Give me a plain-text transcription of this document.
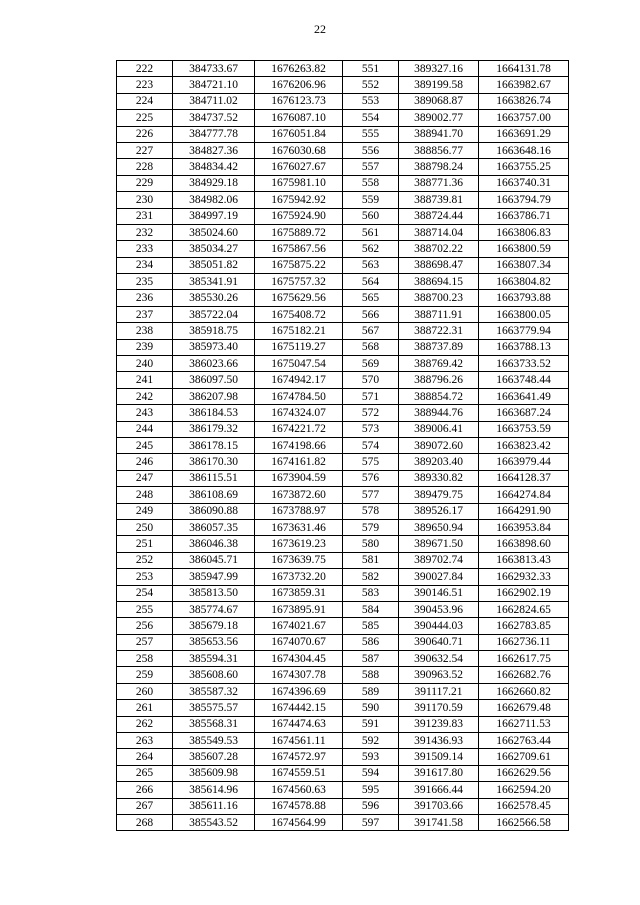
22
222	384733.67	1676263.82	551	389327.16	1664131.78
223	384721.10	1676206.96	552	389199.58	1663982.67
224	384711.02	1676123.73	553	389068.87	1663826.74
225	384737.52	1676087.10	554	389002.77	1663757.00
226	384777.78	1676051.84	555	388941.70	1663691.29
227	384827.36	1676030.68	556	388856.77	1663648.16
228	384834.42	1676027.67	557	388798.24	1663755.25
229	384929.18	1675981.10	558	388771.36	1663740.31
230	384982.06	1675942.92	559	388739.81	1663794.79
231	384997.19	1675924.90	560	388724.44	1663786.71
232	385024.60	1675889.72	561	388714.04	1663806.83
233	385034.27	1675867.56	562	388702.22	1663800.59
234	385051.82	1675875.22	563	388698.47	1663807.34
235	385341.91	1675757.32	564	388694.15	1663804.82
236	385530.26	1675629.56	565	388700.23	1663793.88
237	385722.04	1675408.72	566	388711.91	1663800.05
238	385918.75	1675182.21	567	388722.31	1663779.94
239	385973.40	1675119.27	568	388737.89	1663788.13
240	386023.66	1675047.54	569	388769.42	1663733.52
241	386097.50	1674942.17	570	388796.26	1663748.44
242	386207.98	1674784.50	571	388854.72	1663641.49
243	386184.53	1674324.07	572	388944.76	1663687.24
244	386179.32	1674221.72	573	389006.41	1663753.59
245	386178.15	1674198.66	574	389072.60	1663823.42
246	386170.30	1674161.82	575	389203.40	1663979.44
247	386115.51	1673904.59	576	389330.82	1664128.37
248	386108.69	1673872.60	577	389479.75	1664274.84
249	386090.88	1673788.97	578	389526.17	1664291.90
250	386057.35	1673631.46	579	389650.94	1663953.84
251	386046.38	1673619.23	580	389671.50	1663898.60
252	386045.71	1673639.75	581	389702.74	1663813.43
253	385947.99	1673732.20	582	390027.84	1662932.33
254	385813.50	1673859.31	583	390146.51	1662902.19
255	385774.67	1673895.91	584	390453.96	1662824.65
256	385679.18	1674021.67	585	390444.03	1662783.85
257	385653.56	1674070.67	586	390640.71	1662736.11
258	385594.31	1674304.45	587	390632.54	1662617.75
259	385608.60	1674307.78	588	390963.52	1662682.76
260	385587.32	1674396.69	589	391117.21	1662660.82
261	385575.57	1674442.15	590	391170.59	1662679.48
262	385568.31	1674474.63	591	391239.83	1662711.53
263	385549.53	1674561.11	592	391436.93	1662763.44
264	385607.28	1674572.97	593	391509.14	1662709.61
265	385609.98	1674559.51	594	391617.80	1662629.56
266	385614.96	1674560.63	595	391666.44	1662594.20
267	385611.16	1674578.88	596	391703.66	1662578.45
268	385543.52	1674564.99	597	391741.58	1662566.58
